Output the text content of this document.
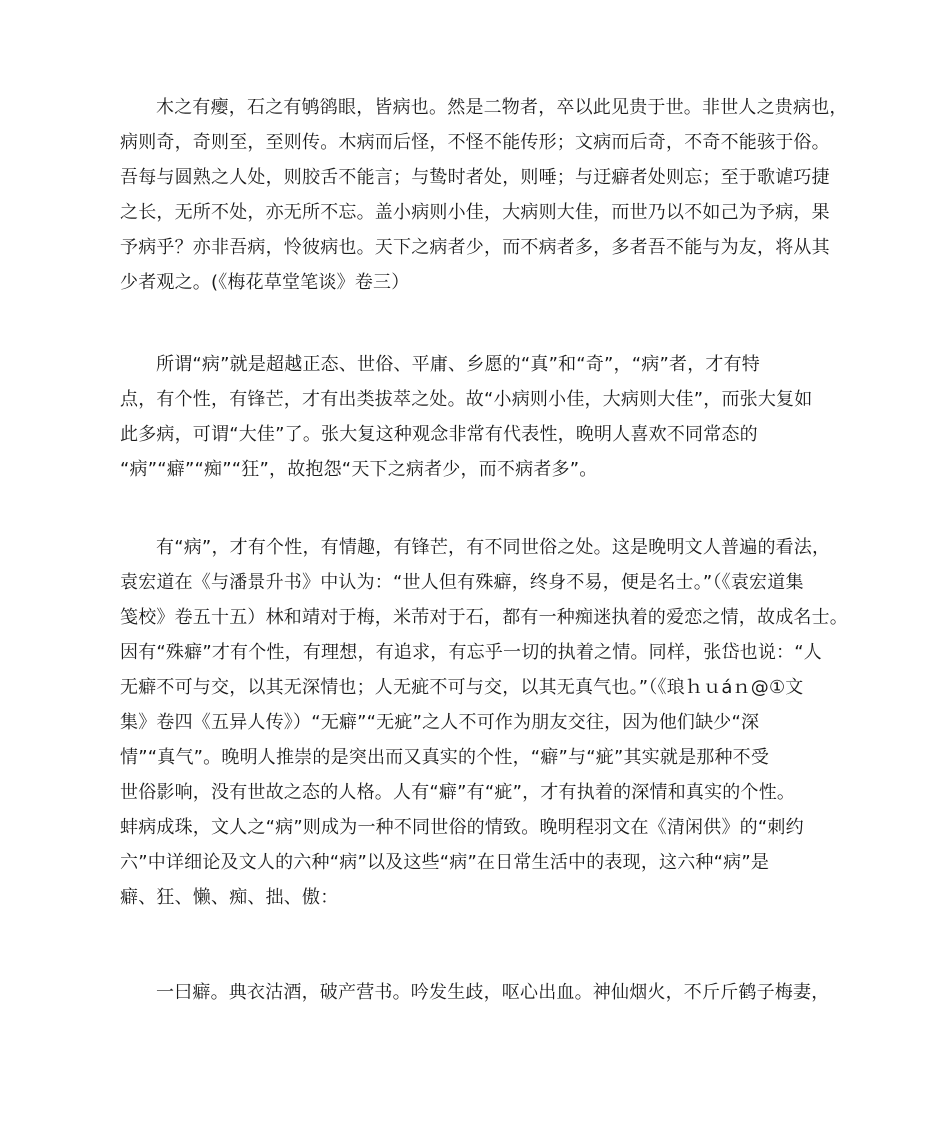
木之有瘿，石之有鸲鹆眼，皆病也。然是二物者，卒以此见贵于世。非世人之贵病也，
病则奇，奇则至，至则传。木病而后怪，不怪不能传形；文病而后奇，不奇不能骇于俗。
吾每与圆熟之人处，则胶舌不能言；与鸷时者处，则唾；与迂癖者处则忘；至于歌谑巧捷
之长，无所不处，亦无所不忘。盖小病则小佳，大病则大佳，而世乃以不如己为予病，果
予病乎？亦非吾病，怜彼病也。天下之病者少，而不病者多，多者吾不能与为友，将从其
少者观之。(《梅花草堂笔谈》卷三）
所谓“病”就是超越正态、世俗、平庸、乡愿的“真”和“奇”，“病”者，才有特
点，有个性，有锋芒，才有出类拔萃之处。故“小病则小佳，大病则大佳”，而张大复如
此多病，可谓“大佳”了。张大复这种观念非常有代表性，晚明人喜欢不同常态的
“病”“癖”“痴”“狂”，故抱怨“天下之病者少，而不病者多”。
有“病”，才有个性，有情趣，有锋芒，有不同世俗之处。这是晚明文人普遍的看法，
袁宏道在《与潘景升书》中认为：“世人但有殊癖，终身不易，便是名士。”（《袁宏道集
笺校》卷五十五）林和靖对于梅，米芾对于石，都有一种痴迷执着的爱恋之情，故成名士。
因有“殊癖”才有个性，有理想，有追求，有忘乎一切的执着之情。同样，张岱也说：“人
无癖不可与交，以其无深情也；人无疵不可与交，以其无真气也。”（《琅ｈｕáｎ@①文
集》卷四《五异人传》）“无癖”“无疵”之人不可作为朋友交往，因为他们缺少“深
情”“真气”。晚明人推崇的是突出而又真实的个性，“癖”与“疵”其实就是那种不受
世俗影响，没有世故之态的人格。人有“癖”有“疵”，才有执着的深情和真实的个性。
蚌病成珠，文人之“病”则成为一种不同世俗的情致。晚明程羽文在《清闲供》的“刺约
六”中详细论及文人的六种“病”以及这些“病”在日常生活中的表现，这六种“病”是
癖、狂、懒、痴、拙、傲：
一曰癖。典衣沽酒，破产营书。吟发生歧，呕心出血。神仙烟火，不斤斤鹤子梅妻，
